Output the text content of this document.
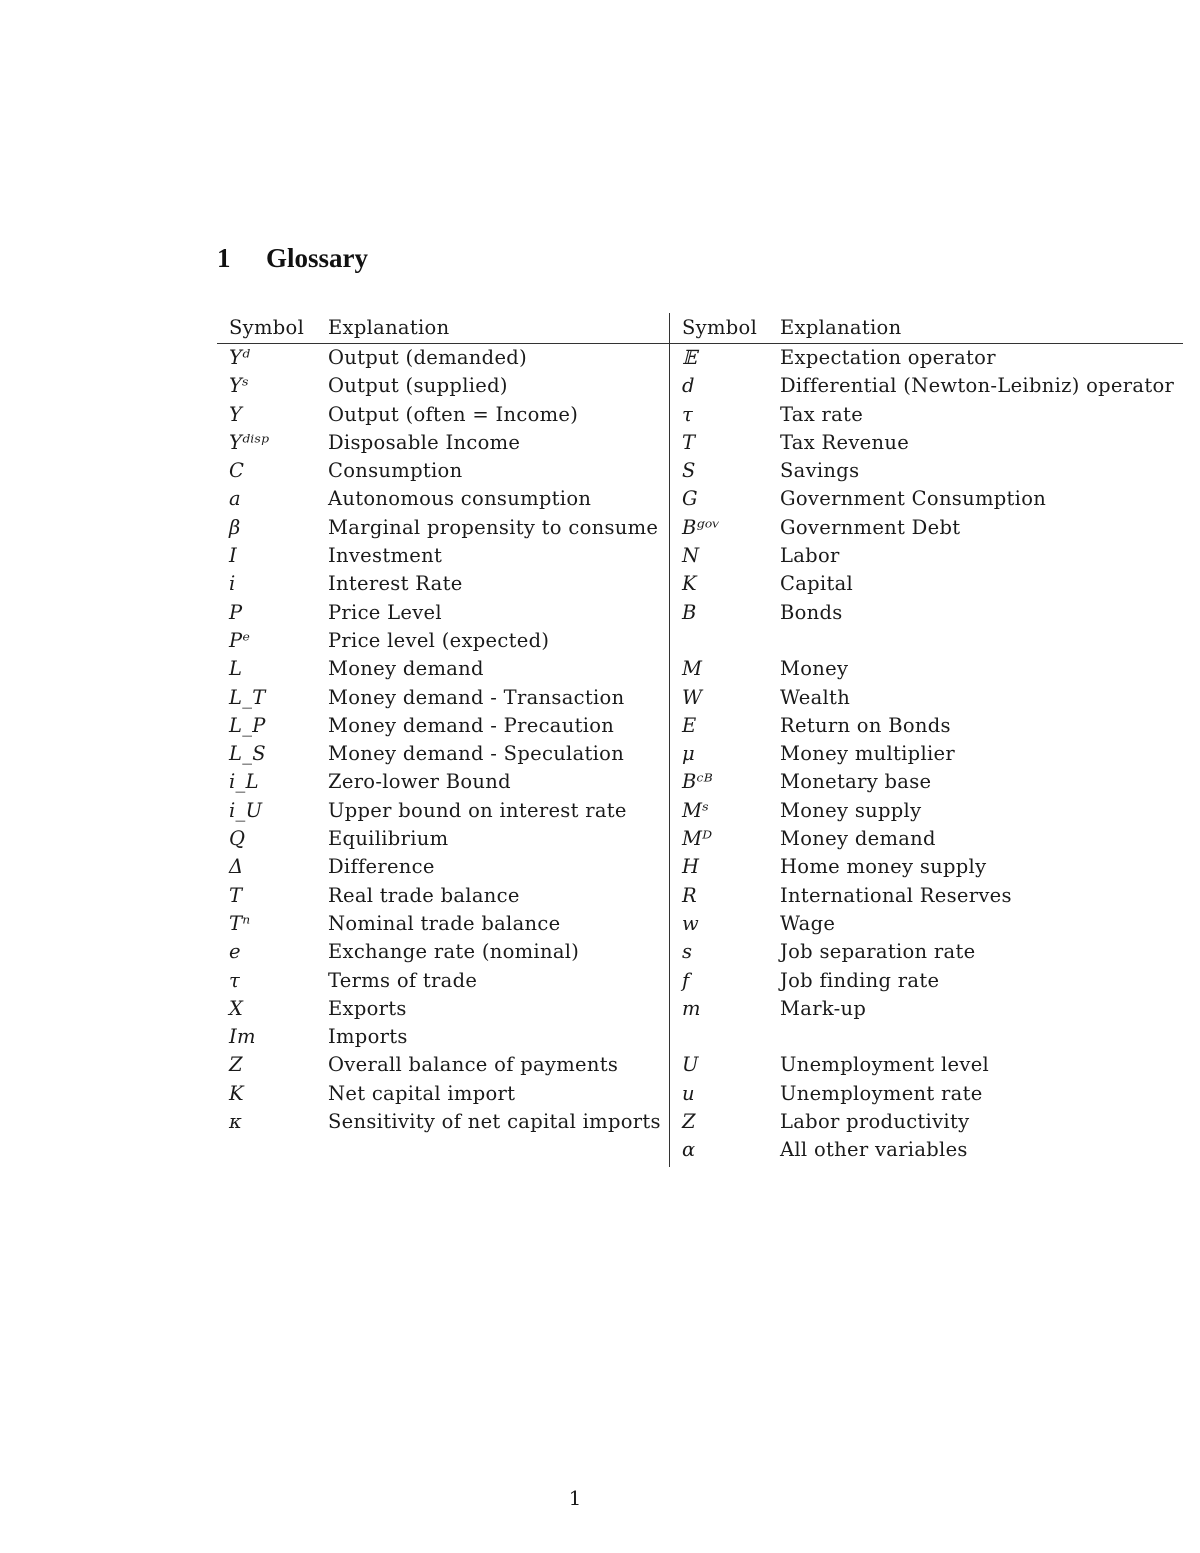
1 Glossary
Symbol Explanation
Yᵈ	Output (demanded)
Yˢ	Output (supplied)
Y	Output (often = Income)
Yᵈⁱˢᵖ	Disposable Income
C	Consumption
a	Autonomous consumption
β	Marginal propensity to consume
I	Investment
i	Interest Rate
P	Price Level
Pᵉ	Price level (expected)
L	Money demand
L_T	Money demand - Transaction
L_P	Money demand - Precaution
L_S	Money demand - Speculation
i_L	Zero-lower Bound
i_U	Upper bound on interest rate
Q	Equilibrium
Δ	Difference
T	Real trade balance
Tⁿ	Nominal trade balance
e	Exchange rate (nominal)
τ	Terms of trade
X	Exports
Im	Imports
Z	Overall balance of payments
K	Net capital import
κ	Sensitivity of net capital imports
Symbol Explanation
𝔼	Expectation operator
d	Differential (Newton-Leibniz) operator
τ	Tax rate
T	Tax Revenue
S	Savings
G	Government Consumption
Bᵍᵒᵛ	Government Debt
N	Labor
K	Capital
B	Bonds
M	Money
W	Wealth
E	Return on Bonds
μ	Money multiplier
Bᶜᴮ	Monetary base
Mˢ	Money supply
Mᴰ	Money demand
H	Home money supply
R	International Reserves
w	Wage
s	Job separation rate
f	Job finding rate
m	Mark-up
U	Unemployment level
u	Unemployment rate
Z	Labor productivity
α	All other variables
1
